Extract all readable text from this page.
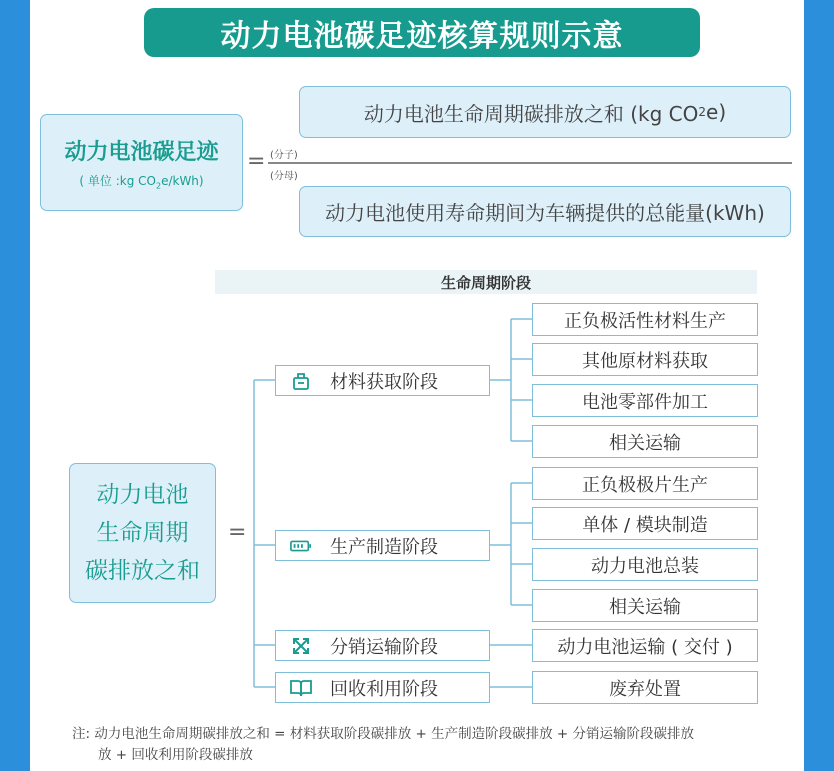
动力电池碳足迹核算规则示意
动力电池碳足迹
( 单位 :kg $CO_2e/kWh$)
= (分子)
(分母)
动力电池生命周期碳排放之和 (kg CO 2 e)
动力电池使用寿命期间为车辆提供的总能量(kWh)
生命周期阶段
动力电池
生命周期
碳排放之和
=
材料获取阶段
生产制造阶段
分销运输阶段
回收利用阶段
正负极活性材料生产
其他原材料获取
电池零部件加工
相关运输
正负极极片生产
单体 / 模块制造
动力电池总装
相关运输
动力电池运输 ( 交付 )
废弃处置
注: 动力电池生命周期碳排放之和 = 材料获取阶段碳排放 + 生产制造阶段碳排放 + 分销运输阶段碳排放
放 + 回收利用阶段碳排放
